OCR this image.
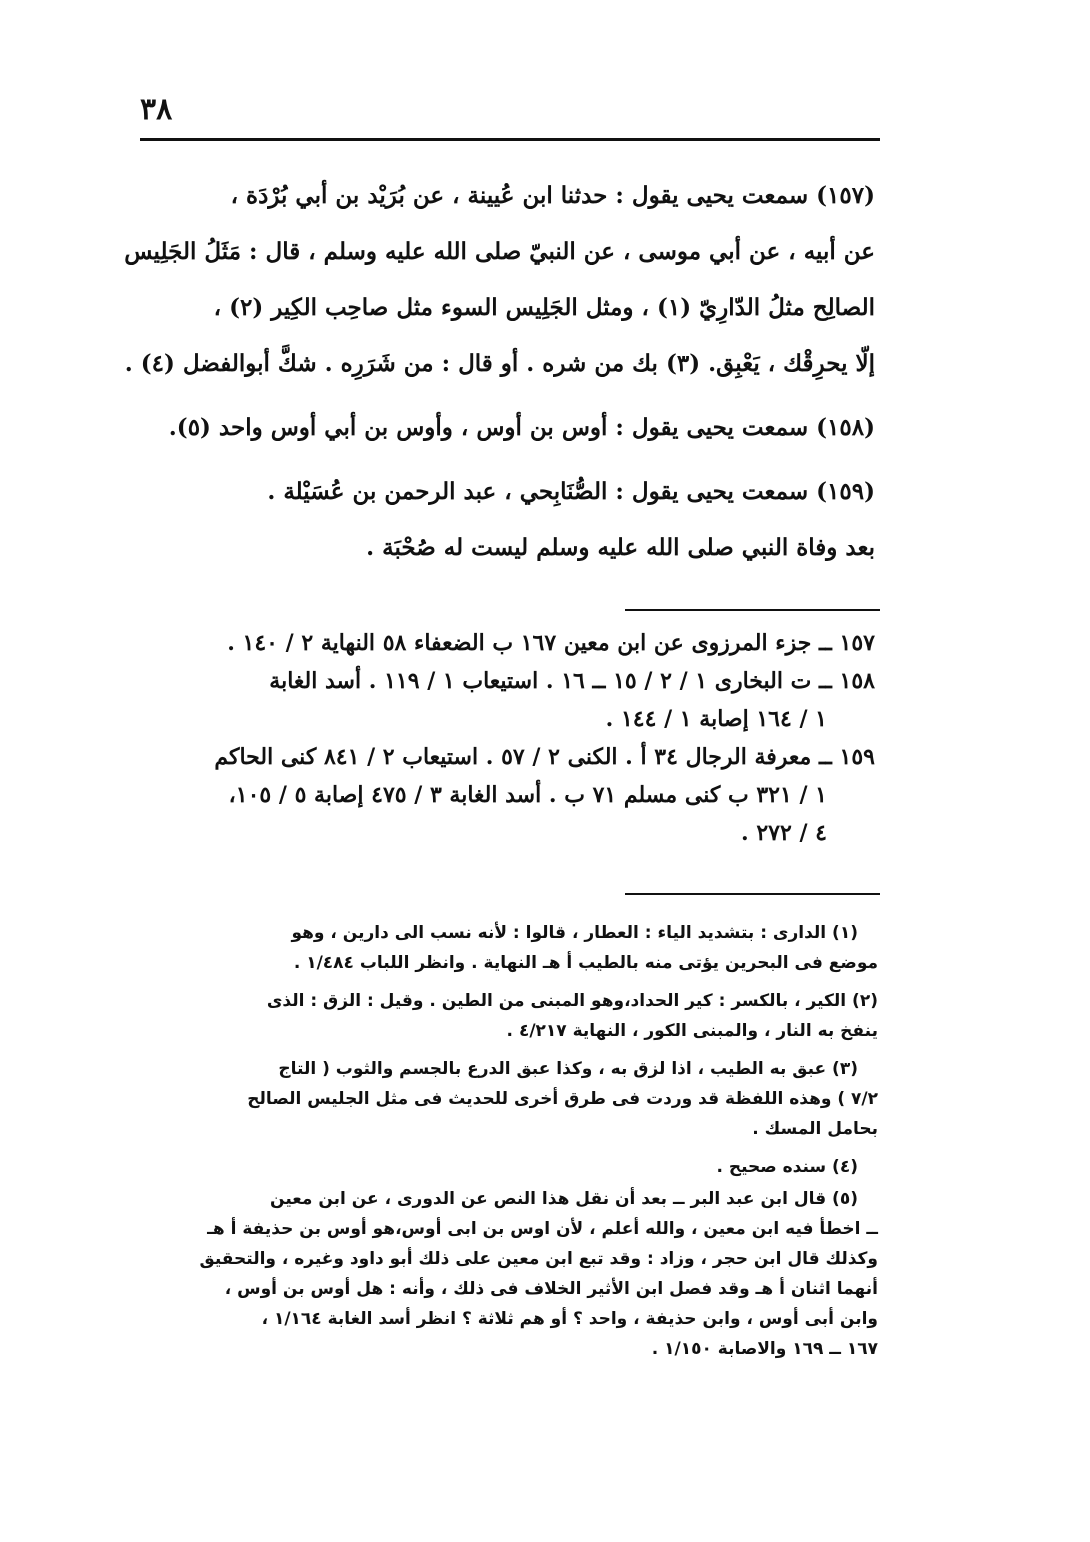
٣٨

(١٥٧) سمعت يحيى يقول : حدثنا ابن عُيينة ، عن بُرَيْد بن أبي بُرْدَة ،
عن أبيه ، عن أبي موسى ، عن النبيّ صلى الله عليه وسلم ، قال : مَثَلُ الجَلِيس
الصالِح مثلُ الدّارِيّ (١) ، ومثل الجَلِيس السوء مثل صاحِب الكِير (٢) ،
إلّا يحرِقْك ، يَعْبِق. (٣) بك من شره . أو قال : من شَرَرِه . شكَّ أبوالفضل (٤) .

(١٥٨) سمعت يحيى يقول : أوس بن أوس ، وأوس بن أبي أوس واحد (٥).

(١٥٩) سمعت يحيى يقول : الصُّنَابِحي ، عبد الرحمن بن عُسَيْلة .
بعد وفاة النبي صلى الله عليه وسلم ليست له صُحْبَة .

١٥٧ ــ جزء المرزوى عن ابن معين ١٦٧ ب الضعفاء ٥٨ النهاية ٢ / ١٤٠ .
١٥٨ ــ ت البخارى ١ / ٢ / ١٥ ــ ١٦ . استيعاب ١ / ١١٩ . أسد الغابة
١ / ١٦٤ إصابة ١ / ١٤٤ .
١٥٩ ــ معرفة الرجال ٣٤ أ . الكنى ٢ / ٥٧ . استيعاب ٢ / ٨٤١ كنى الحاكم
١ / ٣٢١ ب كنى مسلم ٧١ ب . أسد الغابة ٣ / ٤٧٥ إصابة ٥ / ١٠٥،
٤ / ٢٧٢ .
(١) الدارى : بتشديد الياء : العطار ، قالوا : لأنه نسب الى دارين ، وهو
موضع فى البحرين يؤتى منه بالطيب أ هـ النهاية . وانظر اللباب ١/٤٨٤ .
(٢) الكير ، بالكسر : كير الحداد،وهو المبنى من الطين . وقيل : الزق : الذى
ينفخ به النار ، والمبنى الكور ، النهاية ٤/٢١٧ .
(٣) عبق به الطيب ، اذا لزق به ، وكذا عبق الدرع بالجسم والثوب ( التاج
٧/٢ ) وهذه اللفظة قد وردت فى طرق أخرى للحديث فى مثل الجليس الصالح
بحامل المسك .
(٤) سنده صحيح .
(٥) قال ابن عبد البر ــ بعد أن نقل هذا النص عن الدورى ، عن ابن معين
ــ اخطأ فيه ابن معين ، والله أعلم ، لأن اوس بن ابى أوس،هو أوس بن حذيفة أ هـ
وكذلك قال ابن حجر ، وزاد : وقد تبع ابن معين على ذلك أبو داود وغيره ، والتحقيق
أنهما اثنان أ هـ وقد فصل ابن الأثير الخلاف فى ذلك ، وأنه : هل أوس بن أوس ،
وابن أبى أوس ، وابن حذيفة ، واحد ؟ أو هم ثلاثة ؟ انظر أسد الغابة ١/١٦٤ ،
١٦٧ ــ ١٦٩ والاصابة ١/١٥٠ .
